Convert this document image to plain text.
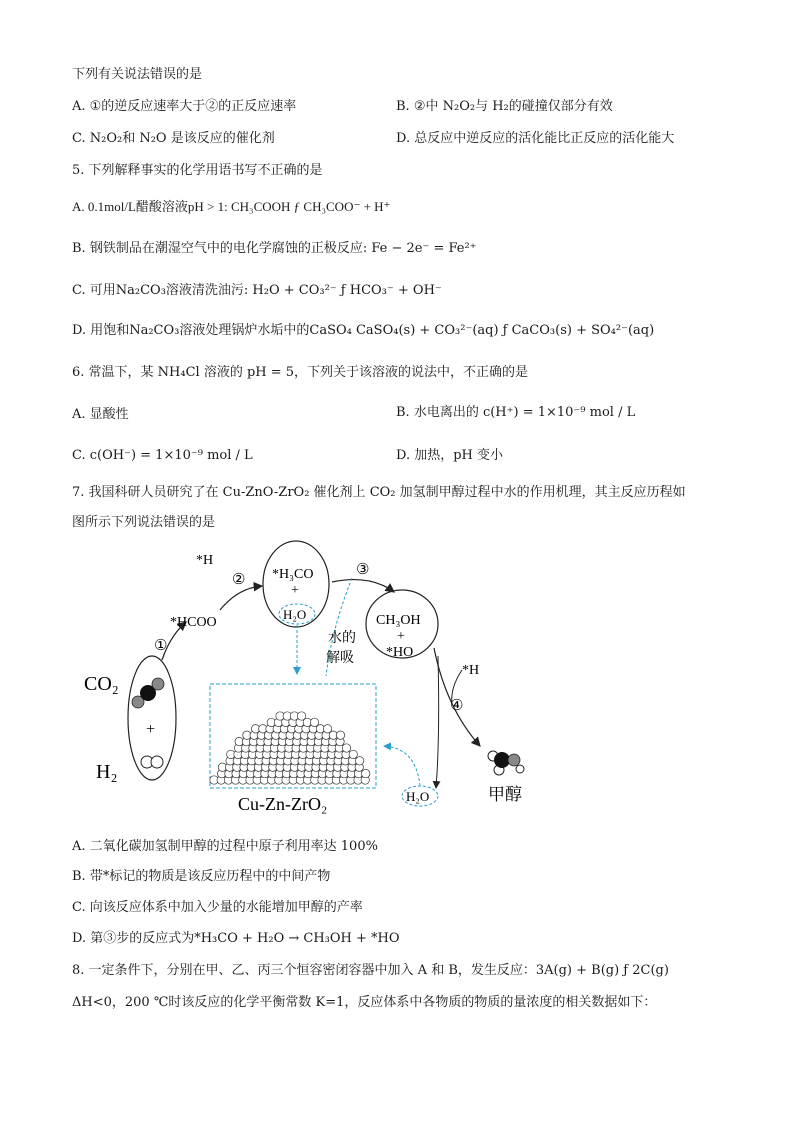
下列有关说法错误的是
A. ①的逆反应速率大于②的正反应速率	B. ②中 N₂O₂与 H₂的碰撞仅部分有效
C. N₂O₂和 N₂O 是该反应的催化剂	D. 总反应中逆反应的活化能比正反应的活化能大
5. 下列解释事实的化学用语书写不正确的是
A. 0.1mol/L醋酸溶液pH > 1: CH₃COOH ƒ CH₃COO⁻ + H⁺
B. 钢铁制品在潮湿空气中的电化学腐蚀的正极反应: Fe − 2e⁻ = Fe²⁺
C. 可用Na₂CO₃溶液清洗油污: H₂O + CO₃²⁻ ƒ HCO₃⁻ + OH⁻
D. 用饱和Na₂CO₃溶液处理锅炉水垢中的CaSO₄ CaSO₄(s) + CO₃²⁻(aq) ƒ CaCO₃(s) + SO₄²⁻(aq)
6. 常温下，某 NH₄Cl 溶液的 pH = 5，下列关于该溶液的说法中，不正确的是
A. 显酸性	B. 水电离出的 c(H⁺) = 1×10⁻⁹ mol / L
C. c(OH⁻) = 1×10⁻⁹ mol / L	D. 加热，pH 变小
7. 我国科研人员研究了在 Cu-ZnO-ZrO₂ 催化剂上 CO₂ 加氢制甲醇过程中水的作用机理，其主反应历程如
图所示下列说法错误的是
CO₂
H₂
+
①
*HCOO
*H
② *H₃CO
+
H₂O
③
CH₃OH
+
*HO
水的
解吸
Cu-Zn-ZrO₂
*H
④
H₂O	甲醇
A. 二氧化碳加氢制甲醇的过程中原子利用率达 100%
B. 带*标记的物质是该反应历程中的中间产物
C. 向该反应体系中加入少量的水能增加甲醇的产率
D. 第③步的反应式为*H₃CO + H₂O → CH₃OH + *HO
8. 一定条件下，分别在甲、乙、丙三个恒容密闭容器中加入 A 和 B，发生反应：3A(g) + B(g) ƒ 2C(g)
ΔH<0，200 ℃时该反应的化学平衡常数 K=1，反应体系中各物质的物质的量浓度的相关数据如下：
